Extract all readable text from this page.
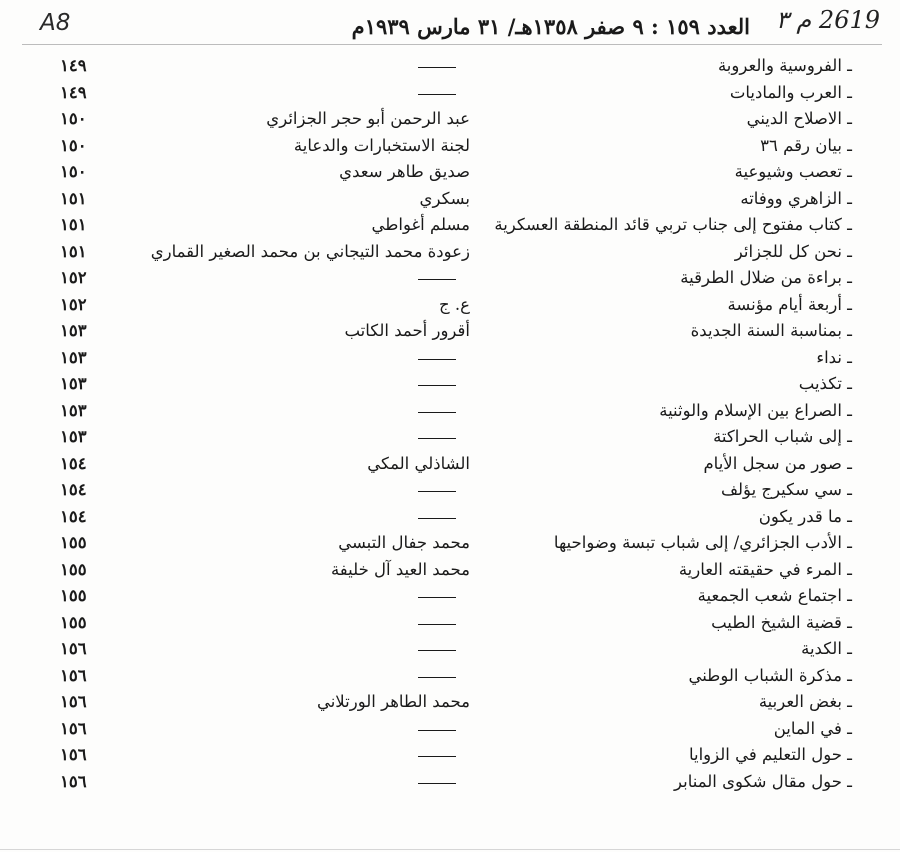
A8	العدد ١٥٩ : ٩ صفر ١٣٥٨هـ/ ٣١ مارس ١٩٣٩م 2619 م ٣
ـ الفروسية والعروبة
١٤٩
ـ العرب والماديات
١٤٩
ـ الاصلاح الديني
عبد الرحمن أبو حجر الجزائري
١٥٠
ـ بيان رقم ٣٦
لجنة الاستخبارات والدعاية
١٥٠
ـ تعصب وشيوعية
صديق طاهر سعدي
١٥٠
ـ الزاهري ووفاته
بسكري
١٥١
ـ كتاب مفتوح إلى جناب تربي قائد المنطقة العسكرية
مسلم أغواطي
١٥١
ـ نحن كل للجزائر
زعودة محمد التيجاني بن محمد الصغير القماري
١٥١
ـ براءة من ضلال الطرقية
١٥٢
ـ أربعة أيام مؤنسة
ع. ج
١٥٢
ـ بمناسبة السنة الجديدة
أقرور أحمد الكاتب
١٥٣
ـ نداء
١٥٣
ـ تكذيب
١٥٣
ـ الصراع بين الإسلام والوثنية
١٥٣
ـ إلى شباب الحراكتة
١٥٣
ـ صور من سجل الأيام
الشاذلي المكي
١٥٤
ـ سي سكيرج يؤلف
١٥٤
ـ ما قدر يكون
١٥٤
ـ الأدب الجزائري/ إلى شباب تبسة وضواحيها
محمد جفال التبسي
١٥٥
ـ المرء في حقيقته العارية
محمد العيد آل خليفة
١٥٥
ـ اجتماع شعب الجمعية
١٥٥
ـ قضية الشيخ الطيب
١٥٥
ـ الكدية
١٥٦
ـ مذكرة الشباب الوطني
١٥٦
ـ بغض العربية
محمد الطاهر الورتلاني
١٥٦
ـ في الماين
١٥٦
ـ حول التعليم في الزوايا
١٥٦
ـ حول مقال شكوى المنابر
١٥٦
